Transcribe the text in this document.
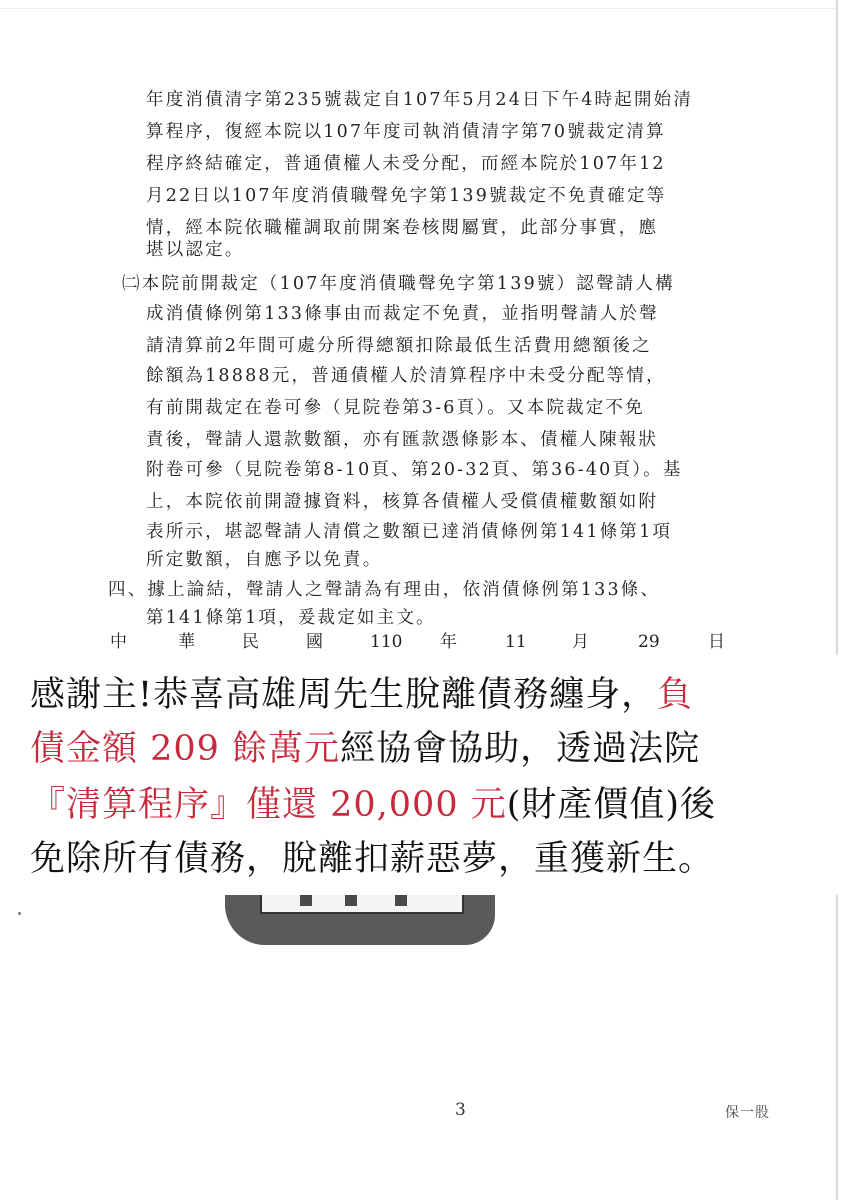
年度消債清字第235號裁定自107年5月24日下午4時起開始清
算程序，復經本院以107年度司執消債清字第70號裁定清算
程序終結確定，普通債權人未受分配，而經本院於107年12
月22日以107年度消債職聲免字第139號裁定不免責確定等
情，經本院依職權調取前開案卷核閱屬實，此部分事實，應
堪以認定。
㈡本院前開裁定（107年度消債職聲免字第139號）認聲請人構
成消債條例第133條事由而裁定不免責，並指明聲請人於聲
請清算前2年間可處分所得總額扣除最低生活費用總額後之
餘額為18888元，普通債權人於清算程序中未受分配等情，
有前開裁定在卷可參（見院卷第3-6頁）。又本院裁定不免
責後，聲請人還款數額，亦有匯款憑條影本、債權人陳報狀
附卷可參（見院卷第8-10頁、第20-32頁、第36-40頁）。基
上，本院依前開證據資料，核算各債權人受償債權數額如附
表所示，堪認聲請人清償之數額已達消債條例第141條第1項
所定數額，自應予以免責。
四、據上論結，聲請人之聲請為有理由，依消債條例第133條、
第141條第1項，爰裁定如主文。
中	華	民	國	110 年	11	月	29	日
感謝主!恭喜高雄周先生脫離債務纏身，負
債金額 209 餘萬元經協會協助，透過法院
『清算程序』僅還 20,000 元(財產價值)後
免除所有債務，脫離扣薪惡夢，重獲新生。
3	保一股
